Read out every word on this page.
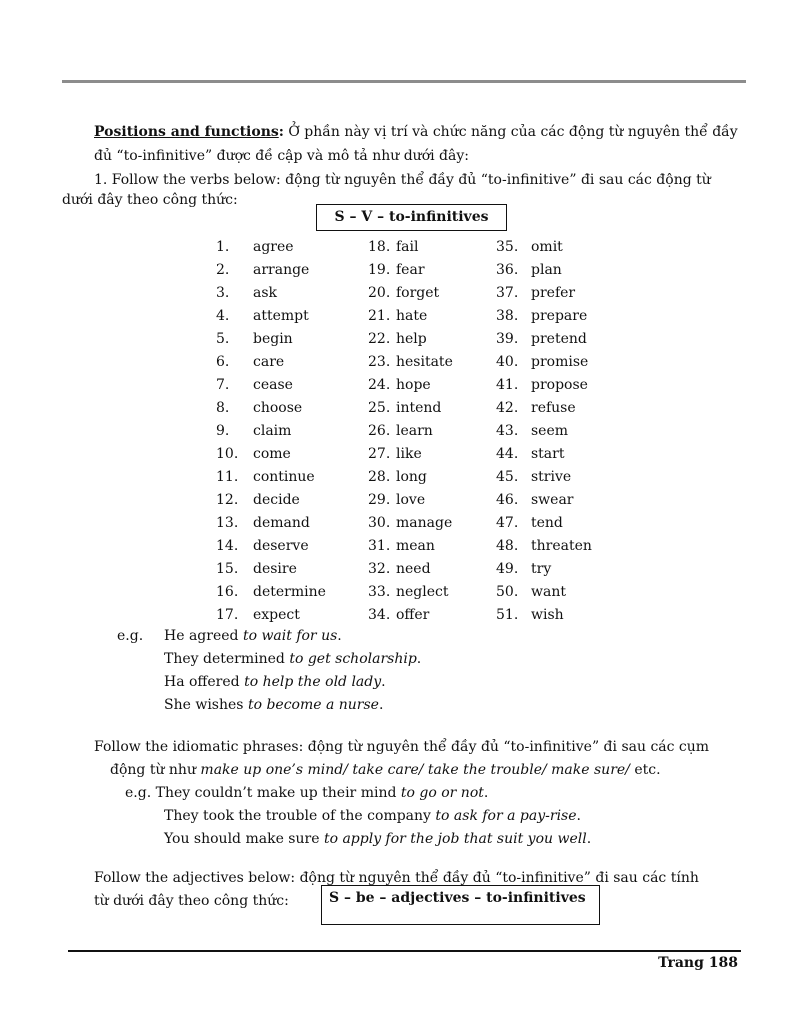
Positions and functions: Ở phần này vị trí và chức năng của các động từ nguyên thể đầy
đủ “to-infinitive” được đề cập và mô tả như dưới đây:
1. Follow the verbs below: động từ nguyên thể đầy đủ “to-infinitive” đi sau các động từ
dưới đây theo công thức:
S – V – to-infinitives
1. agree
2. arrange
3. ask
4. attempt
5. begin
6. care
7. cease
8. choose
9. claim
10. come
11. continue
12. decide
13. demand
14. deserve
15. desire
16. determine
17. expect
18. fail
19. fear
20. forget
21. hate
22. help
23. hesitate
24. hope
25. intend
26. learn
27. like
28. long
29. love
30. manage
31. mean
32. need
33. neglect
34. offer
35. omit
36. plan
37. prefer
38. prepare
39. pretend
40. promise
41. propose
42. refuse
43. seem
44. start
45. strive
46. swear
47. tend
48. threaten
49. try
50. want
51. wish
e.g. He agreed to wait for us.
They determined to get scholarship.
Ha offered to help the old lady.
She wishes to become a nurse.
Follow the idiomatic phrases: động từ nguyên thể đầy đủ “to-infinitive” đi sau các cụm
động từ như make up one’s mind/ take care/ take the trouble/ make sure/ etc.
e.g. They couldn’t make up their mind to go or not.
They took the trouble of the company to ask for a pay-rise.
You should make sure to apply for the job that suit you well.
Follow the adjectives below: động từ nguyên thể đầy đủ “to-infinitive” đi sau các tính
từ dưới đây theo công thức:	S – be – adjectives – to-infinitives
Trang 188
